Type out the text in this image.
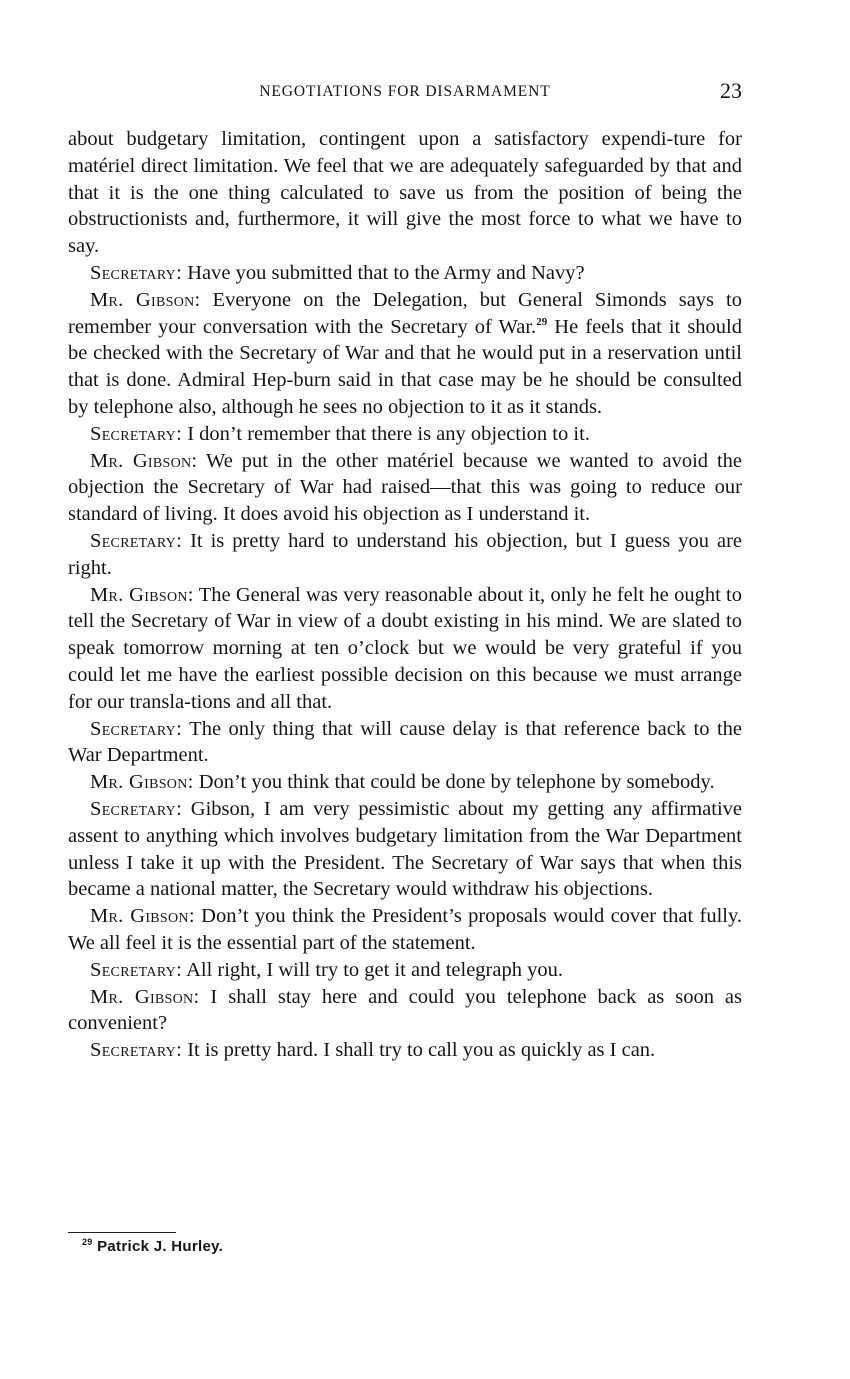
NEGOTIATIONS FOR DISARMAMENT	23

about budgetary limitation, contingent upon a satisfactory expendi-ture for matériel direct limitation. We feel that we are adequately safeguarded by that and that it is the one thing calculated to save us from the position of being the obstructionists and, furthermore, it will give the most force to what we have to say.

Secretary: Have you submitted that to the Army and Navy?

Mr. Gibson: Everyone on the Delegation, but General Simonds says to remember your conversation with the Secretary of War.$^{29}$ He feels that it should be checked with the Secretary of War and that he would put in a reservation until that is done. Admiral Hep-burn said in that case may be he should be consulted by telephone also, although he sees no objection to it as it stands.

Secretary: I don’t remember that there is any objection to it.

Mr. Gibson: We put in the other matériel because we wanted to avoid the objection the Secretary of War had raised—that this was going to reduce our standard of living. It does avoid his objection as I understand it.

Secretary: It is pretty hard to understand his objection, but I guess you are right.

Mr. Gibson: The General was very reasonable about it, only he felt he ought to tell the Secretary of War in view of a doubt existing in his mind. We are slated to speak tomorrow morning at ten o’clock but we would be very grateful if you could let me have the earliest possible decision on this because we must arrange for our transla-tions and all that.

Secretary: The only thing that will cause delay is that reference back to the War Department.

Mr. Gibson: Don’t you think that could be done by telephone by somebody.

Secretary: Gibson, I am very pessimistic about my getting any affirmative assent to anything which involves budgetary limitation from the War Department unless I take it up with the President. The Secretary of War says that when this became a national matter, the Secretary would withdraw his objections.

Mr. Gibson: Don’t you think the President’s proposals would cover that fully. We all feel it is the essential part of the statement.

Secretary: All right, I will try to get it and telegraph you.

Mr. Gibson: I shall stay here and could you telephone back as soon as convenient?

Secretary: It is pretty hard. I shall try to call you as quickly as I can.

$^{29}$ Patrick J. Hurley.
